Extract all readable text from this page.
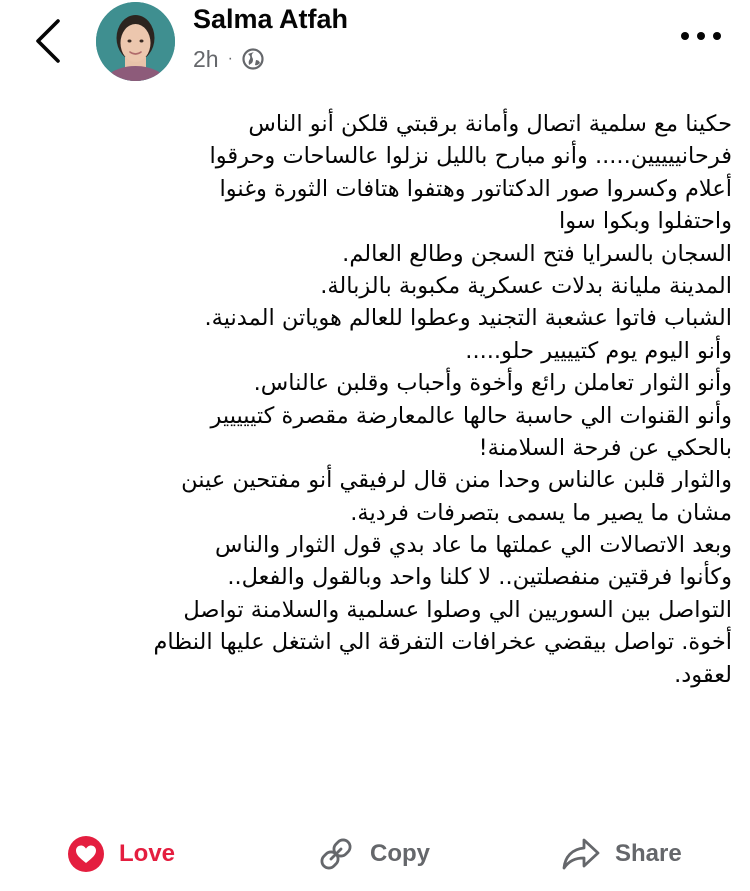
Salma Atfah
2h ·
حكينا مع سلمية اتصال وأمانة برقبتي قلكن أنو الناس
فرحانييييين..... وأنو مبارح بالليل نزلوا عالساحات وحرقوا
أعلام وكسروا صور الدكتاتور وهتفوا هتافات الثورة وغنوا
واحتفلوا وبكوا سوا
السجان بالسرايا فتح السجن وطالع العالم.
المدينة مليانة بدلات عسكرية مكبوبة بالزبالة.
الشباب فاتوا عشعبة التجنيد وعطوا للعالم هوياتن المدنية.
وأنو اليوم يوم كتيييير حلو.....
وأنو الثوار تعاملن رائع وأخوة وأحباب وقلبن عالناس.
وأنو القنوات الي حاسبة حالها عالمعارضة مقصرة كتييييير
بالحكي عن فرحة السلامنة!
والثوار قلبن عالناس وحدا منن قال لرفيقي أنو مفتحين عينن
مشان ما يصير ما يسمى بتصرفات فردية.
وبعد الاتصالات الي عملتها ما عاد بدي قول الثوار والناس
وكأنوا فرقتين منفصلتين.. لا كلنا واحد وبالقول والفعل..
التواصل بين السوريين الي وصلوا عسلمية والسلامنة تواصل
أخوة. تواصل بيقضي عخرافات التفرقة الي اشتغل عليها النظام
لعقود.
Love	Copy	Share
